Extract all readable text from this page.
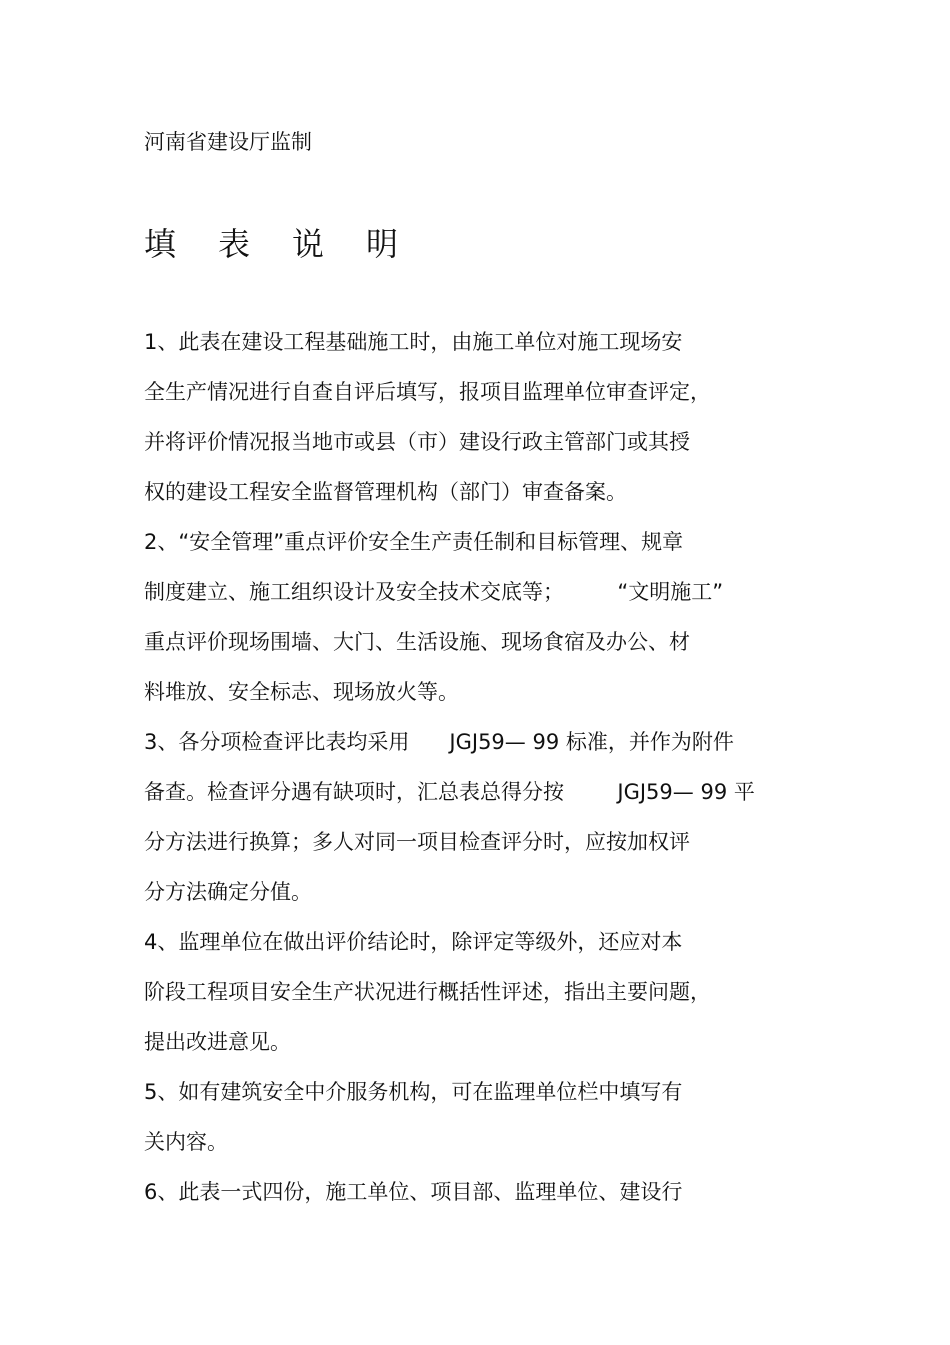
河南省建设厅监制
填表说明
1、此表在建设工程基础施工时，由施工单位对施工现场安
全生产情况进行自查自评后填写，报项目监理单位审查评定，
并将评价情况报当地市或县（市）建设行政主管部门或其授
权的建设工程安全监督管理机构（部门）审查备案。
2、“安全管理”重点评价安全生产责任制和目标管理、规章
制度建立、施工组织设计及安全技术交底等；        “文明施工”
重点评价现场围墙、大门、生活设施、现场食宿及办公、材
料堆放、安全标志、现场放火等。
3、各分项检查评比表均采用      JGJ59— 99 标准，并作为附件
备查。检查评分遇有缺项时，汇总表总得分按        JGJ59— 99 平
分方法进行换算；多人对同一项目检查评分时，应按加权评
分方法确定分值。
4、监理单位在做出评价结论时，除评定等级外，还应对本
阶段工程项目安全生产状况进行概括性评述，指出主要问题，
提出改进意见。
5、如有建筑安全中介服务机构，可在监理单位栏中填写有
关内容。
6、此表一式四份，施工单位、项目部、监理单位、建设行
